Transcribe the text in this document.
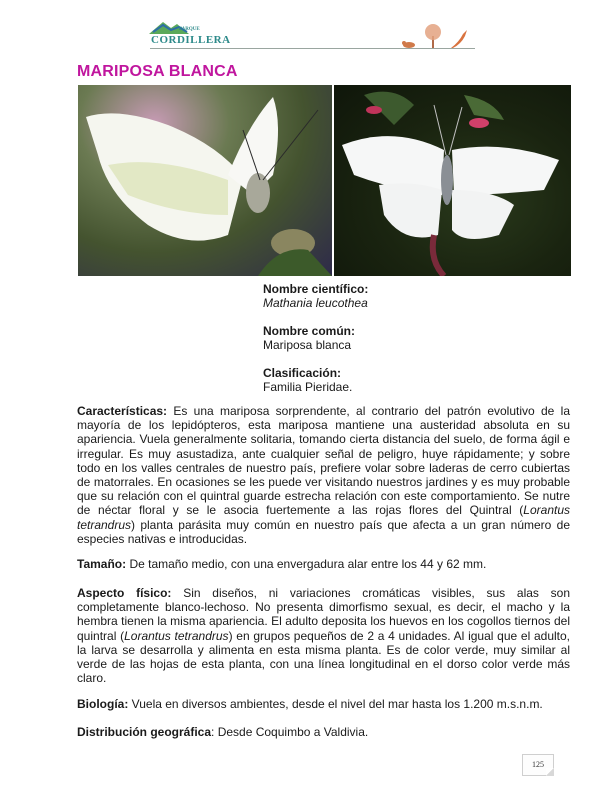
PARQUE
CORDILLERA
MARIPOSA BLANCA
Nombre científico:
Mathania leucothea
Nombre común:
Mariposa blanca
Clasificación:
Familia Pieridae.
Características: Es una mariposa sorprendente, al contrario del patrón evolutivo de la mayoría de los lepidópteros, esta mariposa mantiene una austeridad absoluta en su apariencia. Vuela generalmente solitaria, tomando cierta distancia del suelo, de forma ágil e irregular. Es muy asustadiza, ante cualquier señal de peligro, huye rápidamente; y sobre todo en los valles centrales de nuestro país, prefiere volar sobre laderas de cerro cubiertas de matorrales. En ocasiones se les puede ver visitando nuestros jardines y es muy probable que su relación con el quintral guarde estrecha relación con este comportamiento. Se nutre de néctar floral y se le asocia fuertemente a las rojas flores del Quintral (Lorantus tetrandrus) planta parásita muy común en nuestro país que afecta a un gran número de especies nativas e introducidas.
Tamaño: De tamaño medio, con una envergadura alar entre los 44 y 62 mm.
Aspecto físico: Sin diseños, ni variaciones cromáticas visibles, sus alas son completamente blanco-lechoso. No presenta dimorfismo sexual, es decir, el macho y la hembra tienen la misma apariencia. El adulto deposita los huevos en los cogollos tiernos del quintral (Lorantus tetrandrus) en grupos pequeños de 2 a 4 unidades. Al igual que el adulto, la larva se desarrolla y alimenta en esta misma planta. Es de color verde, muy similar al verde de las hojas de esta planta, con una línea longitudinal en el dorso color verde más claro.
Biología: Vuela en diversos ambientes, desde el nivel del mar hasta los 1.200 m.s.n.m.
Distribución geográfica: Desde Coquimbo a Valdivia.
125
